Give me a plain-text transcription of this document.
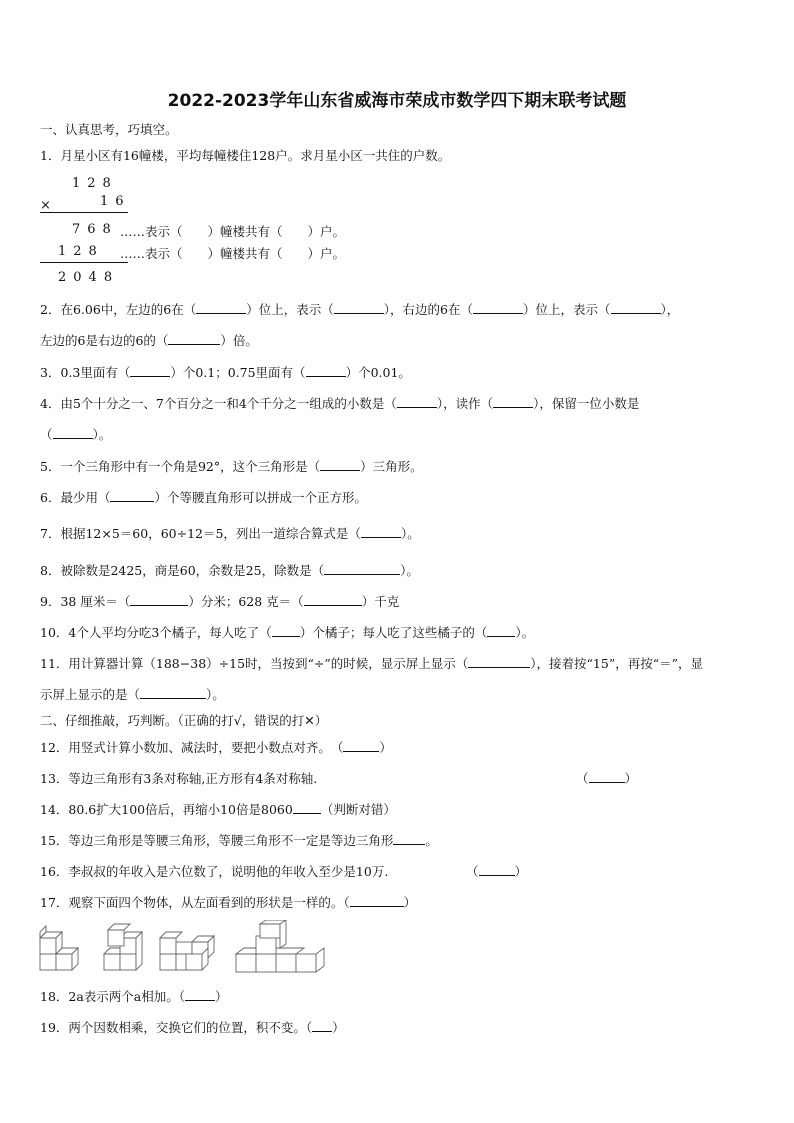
2022-2023学年山东省威海市荣成市数学四下期末联考试题
一、认真思考，巧填空。
1．月星小区有16幢楼，平均每幢楼住128户。求月星小区一共住的户数。
128
×	16
768 ……表示（　　）幢楼共有（　　）户。
128 ……表示（　　）幢楼共有（　　）户。
2048
2．在6.06中，左边的6在（	）位上，表示（	），右边的6在（	）位上，表示（	），
左边的6是右边的6的（	）倍。
3．0.3里面有（	）个0.1；0.75里面有（	）个0.01。
4．由5个十分之一、7个百分之一和4个千分之一组成的小数是（	），读作（	），保留一位小数是
（	）。
5．一个三角形中有一个角是92°，这个三角形是（	）三角形。
6．最少用（	）个等腰直角形可以拼成一个正方形。
7．根据12×5＝60，60÷12＝5，列出一道综合算式是（	）。
8．被除数是2425，商是60，余数是25，除数是（	）。
9．38 厘米＝（	）分米；628 克＝（	）千克
10．4个人平均分吃3个橘子，每人吃了（ ）个橘子；每人吃了这些橘子的（ ）。
11．用计算器计算（188−38）÷15时，当按到“÷”的时候，显示屏上显示（	），接着按“15”，再按“＝”，显
示屏上显示的是（	）。
二、仔细推敲，巧判断。（正确的打√，错误的打✕）
12．用竖式计算小数加、减法时，要把小数点对齐。　（	）
13．等边三角形有3条对称轴,正方形有4条对称轴.	（	）
14．80.6扩大100倍后，再缩小10倍是8060 （判断对错）
15．等边三角形是等腰三角形，等腰三角形不一定是等边三角形	。
16．李叔叔的年收入是六位数了，说明他的年收入至少是10万.	（	）
17．观察下面四个物体，从左面看到的形状是一样的。（	）
18．2a表示两个a相加。（ ）
19．两个因数相乘，交换它们的位置，积不变。（ ）
